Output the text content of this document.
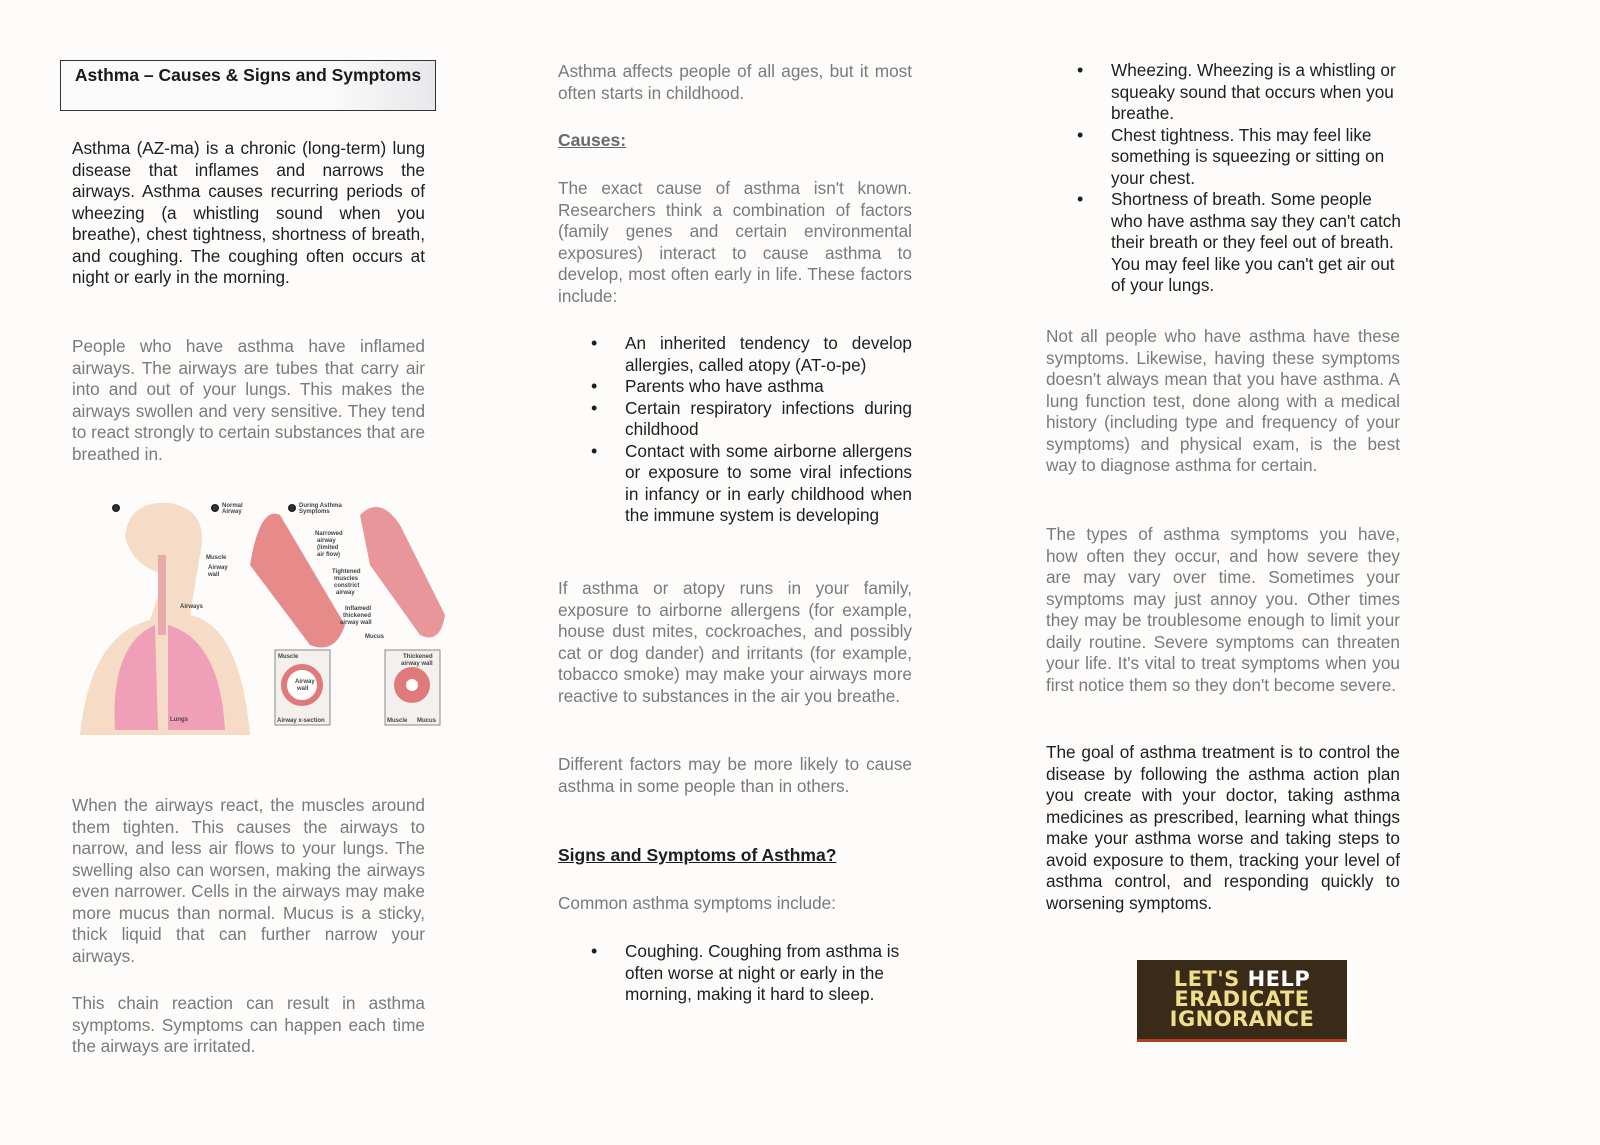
Asthma – Causes & Signs and Symptoms
Asthma (AZ-ma) is a chronic (long-term) lung disease that inflames and narrows the airways. Asthma causes recurring periods of wheezing (a whistling sound when you breathe), chest tightness, shortness of breath, and coughing. The coughing often occurs at night or early in the morning.
People who have asthma have inflamed airways. The airways are tubes that carry air into and out of your lungs. This makes the airways swollen and very sensitive. They tend to react strongly to certain substances that are breathed in.
A	B Normal
Airway	C During Asthma
Symptoms
Muscle
Airway
wall
Airways
Lungs
Narrowed
airway
(limited
air flow)
Tightened
muscles
constrict
airway
Inflamed/
thickened
airway wall
Mucus
Muscle
Airway
wall
Airway x-section
Thickened
airway wall
Muscle Mucus
When the airways react, the muscles around them tighten. This causes the airways to narrow, and less air flows to your lungs. The swelling also can worsen, making the airways even narrower. Cells in the airways may make more mucus than normal. Mucus is a sticky, thick liquid that can further narrow your airways.
This chain reaction can result in asthma symptoms. Symptoms can happen each time the airways are irritated.
Asthma affects people of all ages, but it most often starts in childhood.
Causes:
The exact cause of asthma isn't known. Researchers think a combination of factors (family genes and certain environmental exposures) interact to cause asthma to develop, most often early in life. These factors include:
• An inherited tendency to develop allergies, called atopy (AT-o-pe)
• Parents who have asthma
• Certain respiratory infections during childhood
• Contact with some airborne allergens or exposure to some viral infections in infancy or in early childhood when the immune system is developing
If asthma or atopy runs in your family, exposure to airborne allergens (for example, house dust mites, cockroaches, and possibly cat or dog dander) and irritants (for example, tobacco smoke) may make your airways more reactive to substances in the air you breathe.
Different factors may be more likely to cause asthma in some people than in others.
Signs and Symptoms of Asthma?
Common asthma symptoms include:
• Coughing. Coughing from asthma is often worse at night or early in the morning, making it hard to sleep.
• Wheezing. Wheezing is a whistling or squeaky sound that occurs when you breathe.
• Chest tightness. This may feel like something is squeezing or sitting on your chest.
• Shortness of breath. Some people who have asthma say they can't catch their breath or they feel out of breath. You may feel like you can't get air out of your lungs.
Not all people who have asthma have these symptoms. Likewise, having these symptoms doesn't always mean that you have asthma. A lung function test, done along with a medical history (including type and frequency of your symptoms) and physical exam, is the best way to diagnose asthma for certain.
The types of asthma symptoms you have, how often they occur, and how severe they are may vary over time. Sometimes your symptoms may just annoy you. Other times they may be troublesome enough to limit your daily routine. Severe symptoms can threaten your life. It's vital to treat symptoms when you first notice them so they don't become severe.
The goal of asthma treatment is to control the disease by following the asthma action plan you create with your doctor, taking asthma medicines as prescribed, learning what things make your asthma worse and taking steps to avoid exposure to them, tracking your level of asthma control, and responding quickly to worsening symptoms.
LET'S HELP
ERADICATE
IGNORANCE
